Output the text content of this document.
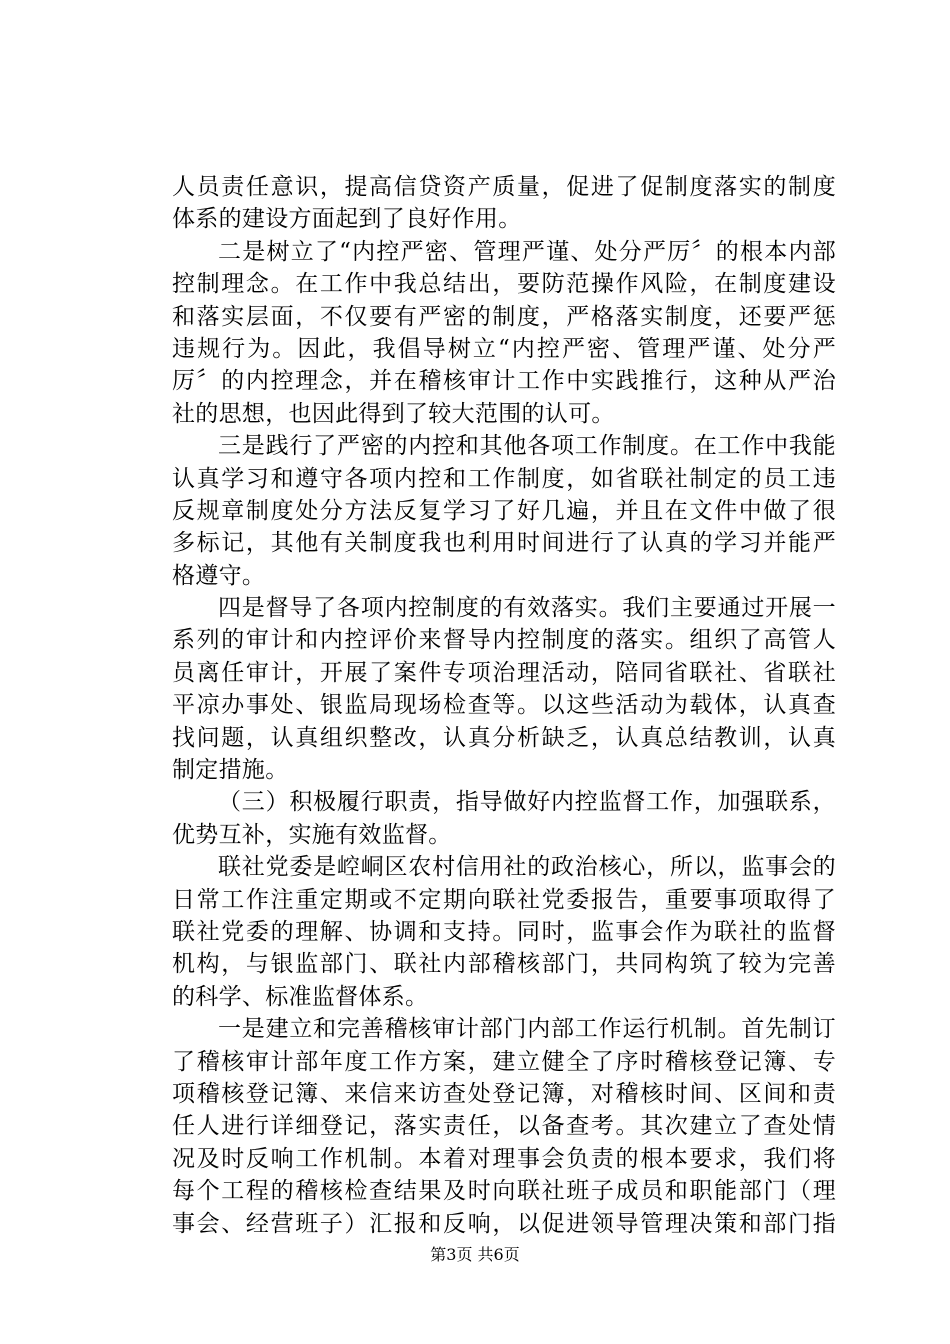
人员责任意识，提高信贷资产质量，促进了促制度落实的制度
体系的建设方面起到了良好作用。
二是树立了“内控严密、管理严谨、处分严厉〞的根本内部
控制理念。在工作中我总结出，要防范操作风险，在制度建设
和落实层面，不仅要有严密的制度，严格落实制度，还要严惩
违规行为。因此，我倡导树立“内控严密、管理严谨、处分严
厉〞的内控理念，并在稽核审计工作中实践推行，这种从严治
社的思想，也因此得到了较大范围的认可。
三是践行了严密的内控和其他各项工作制度。在工作中我能
认真学习和遵守各项内控和工作制度，如省联社制定的员工违
反规章制度处分方法反复学习了好几遍，并且在文件中做了很
多标记，其他有关制度我也利用时间进行了认真的学习并能严
格遵守。
四是督导了各项内控制度的有效落实。我们主要通过开展一
系列的审计和内控评价来督导内控制度的落实。组织了高管人
员离任审计，开展了案件专项治理活动，陪同省联社、省联社
平凉办事处、银监局现场检查等。以这些活动为载体，认真查
找问题，认真组织整改，认真分析缺乏，认真总结教训，认真
制定措施。
（三）积极履行职责，指导做好内控监督工作，加强联系，
优势互补，实施有效监督。
联社党委是崆峒区农村信用社的政治核心，所以，监事会的
日常工作注重定期或不定期向联社党委报告，重要事项取得了
联社党委的理解、协调和支持。同时，监事会作为联社的监督
机构，与银监部门、联社内部稽核部门，共同构筑了较为完善
的科学、标准监督体系。
一是建立和完善稽核审计部门内部工作运行机制。首先制订
了稽核审计部年度工作方案，建立健全了序时稽核登记簿、专
项稽核登记簿、来信来访查处登记簿，对稽核时间、区间和责
任人进行详细登记，落实责任，以备查考。其次建立了查处情
况及时反响工作机制。本着对理事会负责的根本要求，我们将
每个工程的稽核检查结果及时向联社班子成员和职能部门（理
事会、经营班子）汇报和反响，以促进领导管理决策和部门指
第3页 共6页
